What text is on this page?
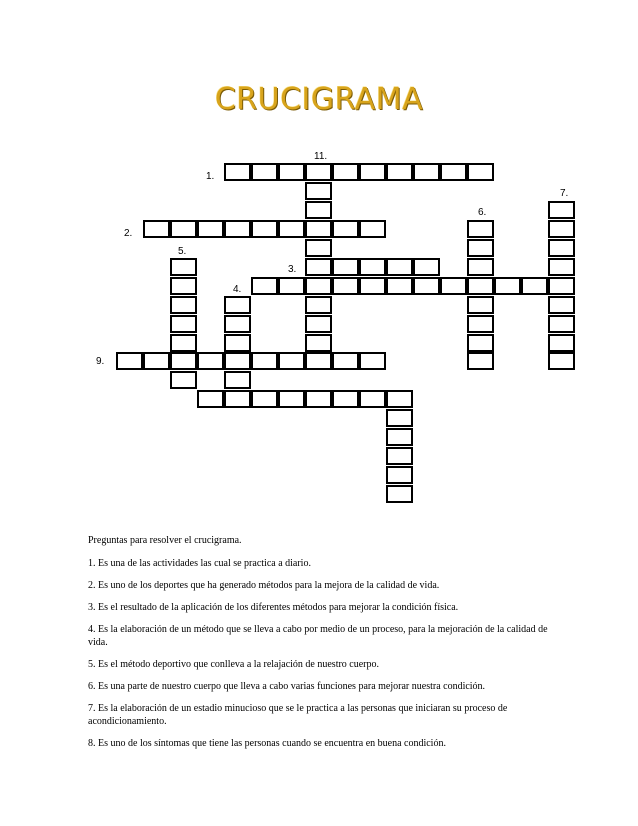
CRUCIGRAMA
11.
1.
7.
6.
2.
5.
3.
4.
9.

Preguntas para resolver el crucigrama.

1. Es una de las actividades las cual se practica a diario.

2. Es uno de los deportes que ha generado métodos para la mejora de la calidad de vida.

3. Es el resultado de la aplicación de los diferentes métodos para mejorar la condición física.

4. Es la elaboración de un método que se lleva a cabo por medio de un proceso, para la mejoración de la calidad de vida.

5. Es el método deportivo que conlleva a la relajación de nuestro cuerpo.

6. Es una parte de nuestro cuerpo que lleva a cabo varias funciones para mejorar nuestra condición.

7. Es la elaboración de un estadio minucioso que se le practica a las personas que iniciaran su proceso de acondicionamiento.

8. Es uno de los síntomas que tiene las personas cuando se encuentra en buena condición.
